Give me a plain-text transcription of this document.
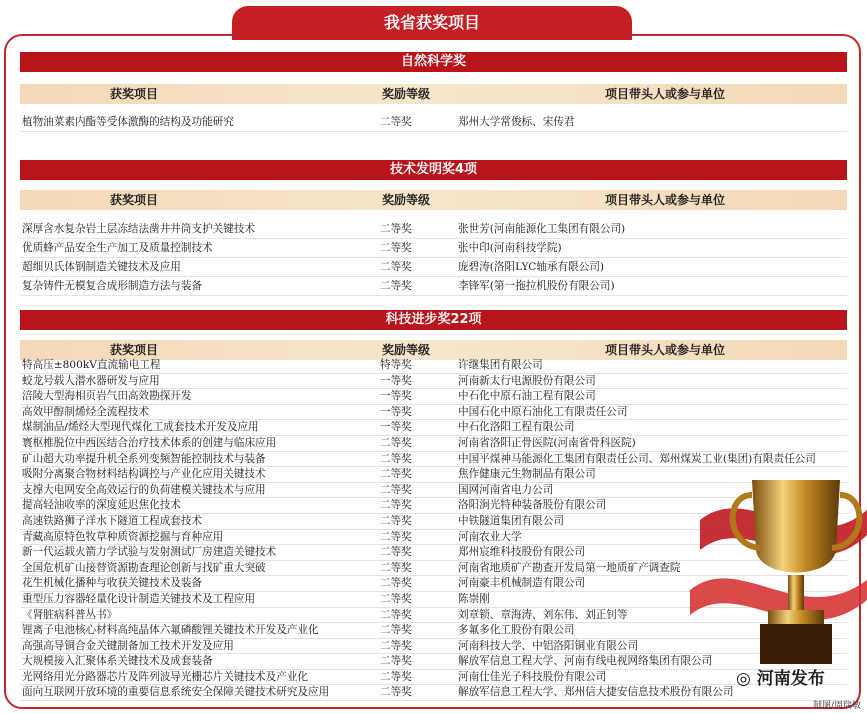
我省获奖项目
自然科学奖
获奖项目	奖励等级	项目带头人或参与单位
植物油菜素内酯等受体激酶的结构及功能研究	二等奖	郑州大学常俊标、宋传君
技术发明奖4项
获奖项目	奖励等级	项目带头人或参与单位
深厚含水复杂岩土层冻结法凿井井筒支护关键技术	二等奖	张世芳(河南能源化工集团有限公司)
优质蜂产品安全生产加工及质量控制技术	二等奖	张中印(河南科技学院)
超细贝氏体钢制造关键技术及应用	二等奖	庞碧涛(洛阳LYC轴承有限公司)
复杂铸件无模复合成形制造方法与装备	二等奖	李锋军(第一拖拉机股份有限公司)
科技进步奖22项
获奖项目	奖励等级	项目带头人或参与单位
特高压±800kV直流输电工程	特等奖	许继集团有限公司
蛟龙号载人潜水器研发与应用	一等奖	河南新太行电源股份有限公司
涪陵大型海相页岩气田高效勘探开发	一等奖	中石化中原石油工程有限公司
高效甲醇制烯烃全流程技术	一等奖	中国石化中原石油化工有限责任公司
煤制油品/烯烃大型现代煤化工成套技术开发及应用	一等奖	中石化洛阳工程有限公司
寰枢椎脱位中西医结合治疗技术体系的创建与临床应用	二等奖	河南省洛阳正骨医院(河南省骨科医院)
矿山超大功率提升机全系列变频智能控制技术与装备	二等奖	中国平煤神马能源化工集团有限责任公司、郑州煤炭工业(集团)有限责任公司
吸附分离聚合物材料结构调控与产业化应用关键技术	二等奖	焦作健康元生物制品有限公司
支撑大电网安全高效运行的负荷建模关键技术与应用	二等奖	国网河南省电力公司
提高轻油收率的深度延迟焦化技术	二等奖	洛阳涧光特种装备股份有限公司
高速铁路狮子洋水下隧道工程成套技术	二等奖	中铁隧道集团有限公司
青藏高原特色牧草种质资源挖掘与育种应用	二等奖	河南农业大学
新一代运载火箭力学试验与发射测试厂房建造关键技术	二等奖	郑州宸维科技股份有限公司
全国危机矿山接替资源勘查理论创新与找矿重大突破	二等奖	河南省地质矿产勘查开发局第一地质矿产调查院
花生机械化播种与收获关键技术及装备	二等奖	河南豪丰机械制造有限公司
重型压力容器轻量化设计制造关键技术及工程应用	二等奖	陈崇刚
《肾脏病科普丛书》	二等奖	刘章锁、章海涛、刘东伟、刘正钊等
锂离子电池核心材料高纯晶体六氟磷酸锂关键技术开发及产业化	二等奖	多氟多化工股份有限公司
高强高导铜合金关键制备加工技术开发及应用	二等奖	河南科技大学、中铝洛阳铜业有限公司
大规模接入汇聚体系关键技术及成套装备	二等奖	解放军信息工程大学、河南有线电视网络集团有限公司
光网络用光分路器芯片及阵列波导光栅芯片关键技术及产业化	二等奖	河南仕佳光子科技股份有限公司
面向互联网开放环境的重要信息系统安全保障关键技术研究及应用	二等奖	解放军信息工程大学、郑州信大捷安信息技术股份有限公司
◎ 河南发布
制图/周瑞敏
